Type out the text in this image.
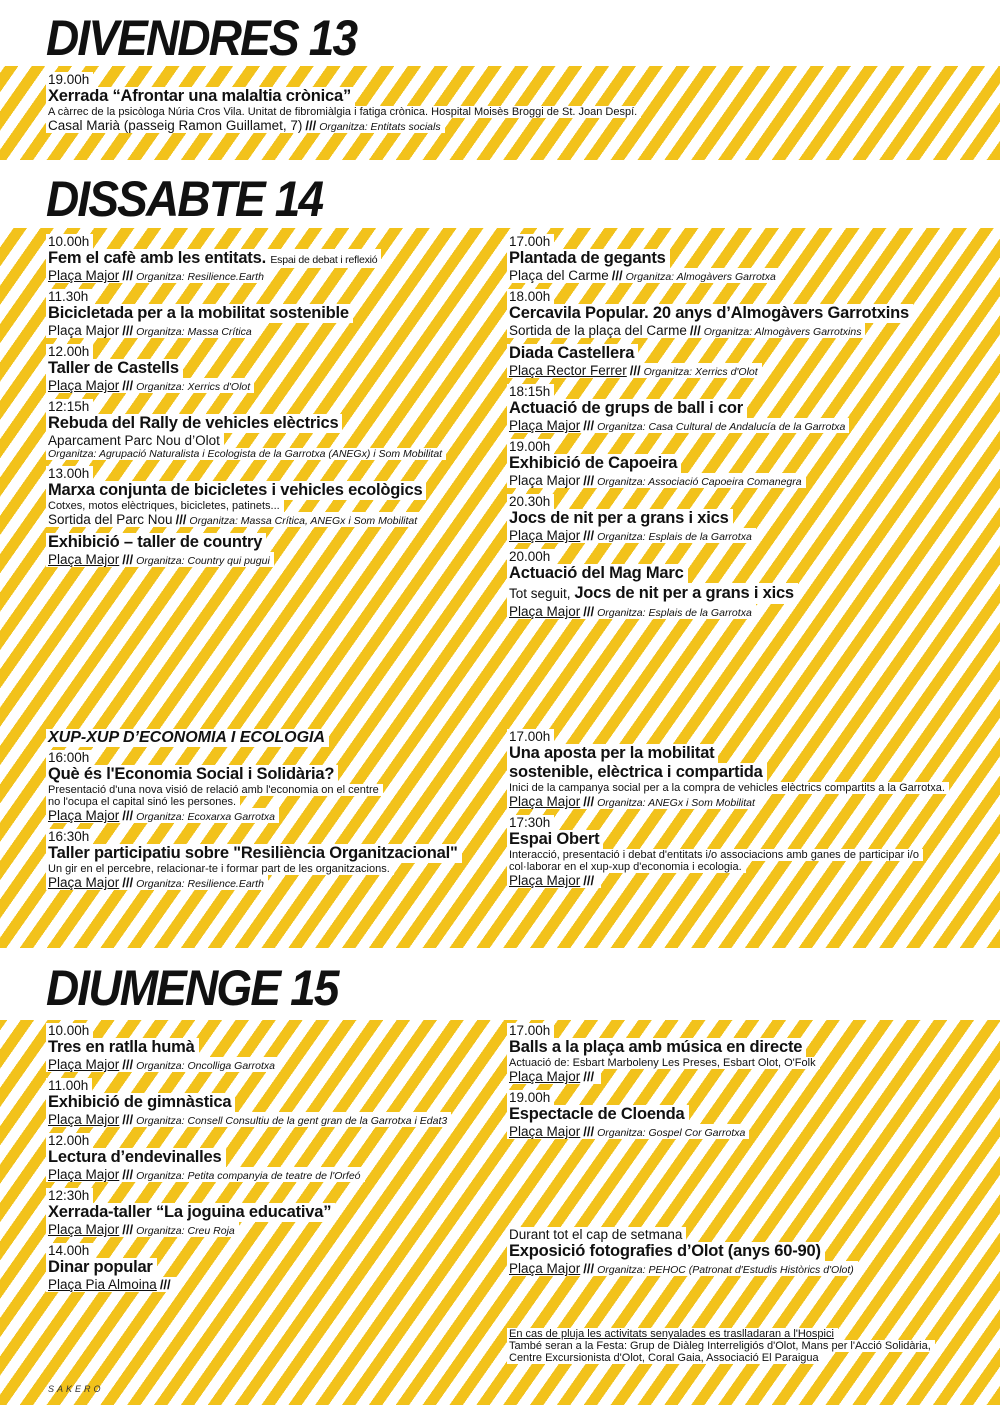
DIVENDRES 13
19.00h
Xerrada “Afrontar una malaltia crònica”
A càrrec de la psicòloga Núria Cros Vila. Unitat de fibromiàlgia i fatiga crònica. Hospital Moisès Broggi de St. Joan Despí.
Casal Marià (passeig Ramon Guillamet, 7) /// Organitza: Entitats socials
DISSABTE 14
10.00h
Fem el cafè amb les entitats. Espai de debat i reflexió
Plaça Major /// Organitza: Resilience.Earth
11.30h
Bicicletada per a la mobilitat sostenible
Plaça Major /// Organitza: Massa Crítica
12.00h
Taller de Castells
Plaça Major /// Organitza: Xerrics d'Olot
12:15h
Rebuda del Rally de vehicles elèctrics
Aparcament Parc Nou d’Olot
Organitza: Agrupació Naturalista i Ecologista de la Garrotxa (ANEGx) i Som Mobilitat
13.00h
Marxa conjunta de bicicletes i vehicles ecològics
Cotxes, motos elèctriques, bicicletes, patinets...
Sortida del Parc Nou /// Organitza: Massa Crítica, ANEGx i Som Mobilitat
Exhibició – taller de country
Plaça Major /// Organitza: Country qui pugui
17.00h
Plantada de gegants
Plaça del Carme /// Organitza: Almogàvers Garrotxa
18.00h
Cercavila Popular. 20 anys d’Almogàvers Garrotxins
Sortida de la plaça del Carme /// Organitza: Almogàvers Garrotxins
Diada Castellera
Plaça Rector Ferrer /// Organitza: Xerrics d'Olot
18:15h
Actuació de grups de ball i cor
Plaça Major /// Organitza: Casa Cultural de Andalucía de la Garrotxa
19.00h
Exhibició de Capoeira
Plaça Major /// Organitza: Associació Capoeira Comanegra
20.30h
Jocs de nit per a grans i xics
Plaça Major /// Organitza: Esplais de la Garrotxa
20.00h
Actuació del Mag Marc
Tot seguit, Jocs de nit per a grans i xics
Plaça Major /// Organitza: Esplais de la Garrotxa
XUP-XUP D’ECONOMIA I ECOLOGIA
16:00h
Què és l'Economia Social i Solidària?
Presentació d'una nova visió de relació amb l'economia on el centre
no l'ocupa el capital sinó les persones.
Plaça Major /// Organitza: Ecoxarxa Garrotxa
16:30h
Taller participatiu sobre "Resiliència Organitzacional"
Un gir en el percebre, relacionar-te i formar part de les organitzacions.
Plaça Major /// Organitza: Resilience.Earth
17.00h
Una aposta per la mobilitat
sostenible, elèctrica i compartida
Inici de la campanya social per a la compra de vehicles elèctrics compartits a la Garrotxa.
Plaça Major /// Organitza: ANEGx i Som Mobilitat
17:30h
Espai Obert
Interacció, presentació i debat d'entitats i/o associacions amb ganes de participar i/o
col·laborar en el xup-xup d'economia i ecologia.
Plaça Major ///
DIUMENGE 15
10.00h
Tres en ratlla humà
Plaça Major /// Organitza: Oncolliga Garrotxa
11.00h
Exhibició de gimnàstica
Plaça Major /// Organitza: Consell Consultiu de la gent gran de la Garrotxa i Edat3
12.00h
Lectura d’endevinalles
Plaça Major /// Organitza: Petita companyia de teatre de l'Orfeó
12:30h
Xerrada-taller “La joguina educativa”
Plaça Major /// Organitza: Creu Roja
14.00h
Dinar popular
Plaça Pia Almoina ///
17.00h
Balls a la plaça amb música en directe
Actuació de: Esbart Marboleny Les Preses, Esbart Olot, O'Folk
Plaça Major ///
19.00h
Espectacle de Cloenda
Plaça Major /// Organitza: Gospel Cor Garrotxa
Durant tot el cap de setmana
Exposició fotografies d’Olot (anys 60-90)
Plaça Major /// Organitza: PEHOC (Patronat d'Estudis Històrics d'Olot)
En cas de pluja les activitats senyalades es traslladaran a l'Hospici
També seran a la Festa: Grup de Diàleg Interreligiós d'Olot, Mans per l'Acció Solidària,
Centre Excursionista d'Olot, Coral Gaia, Associació El Paraigua
SAKERO
